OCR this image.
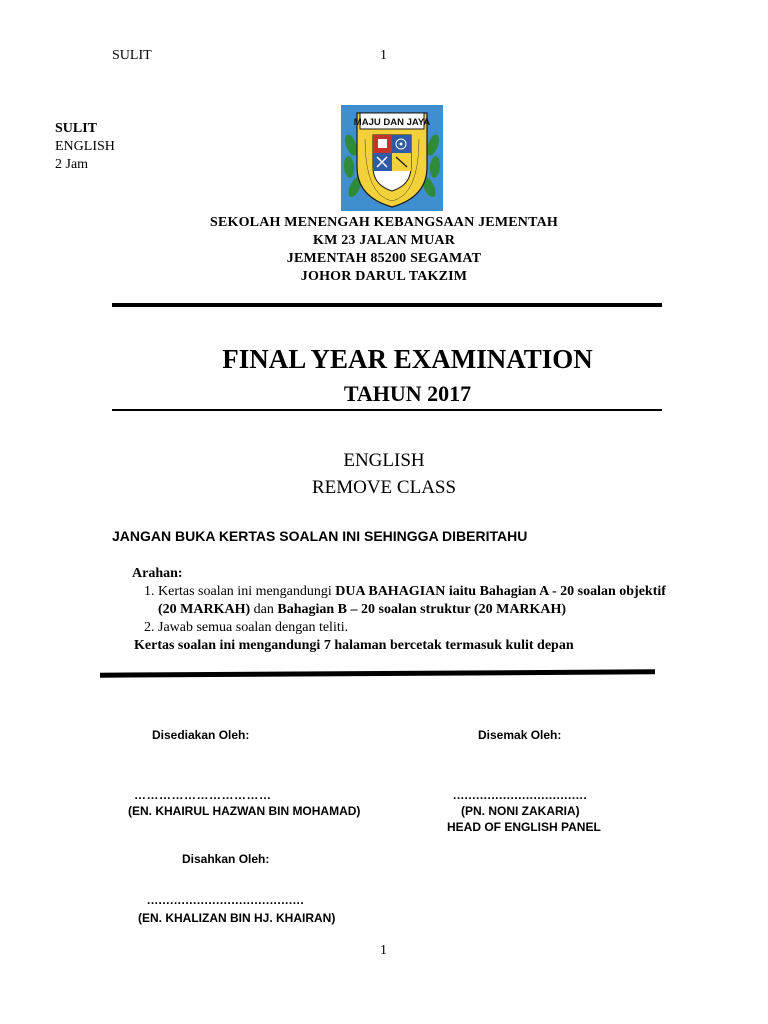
SULIT	1
SULIT
ENGLISH
2 Jam
MAJU DAN JAYA
SEKOLAH MENENGAH KEBANGSAAN JEMENTAH
KM 23 JALAN MUAR
JEMENTAH 85200 SEGAMAT
JOHOR DARUL TAKZIM
FINAL YEAR EXAMINATION
TAHUN 2017
ENGLISH
REMOVE CLASS
JANGAN BUKA KERTAS SOALAN INI SEHINGGA DIBERITAHU
Arahan:
1. Kertas soalan ini mengandungi DUA BAHAGIAN iaitu Bahagian A - 20 soalan objektif (20 MARKAH) dan Bahagian B – 20 soalan struktur (20 MARKAH)
2. Jawab semua soalan dengan teliti.
Kertas soalan ini mengandungi 7 halaman bercetak termasuk kulit depan
Disediakan Oleh:	Disemak Oleh:
……………………………	...................................
(EN. KHAIRUL HAZWAN BIN MOHAMAD)	(PN. NONI ZAKARIA)
HEAD OF ENGLISH PANEL
Disahkan Oleh:
.........................................
(EN. KHALIZAN BIN HJ. KHAIRAN)
1
